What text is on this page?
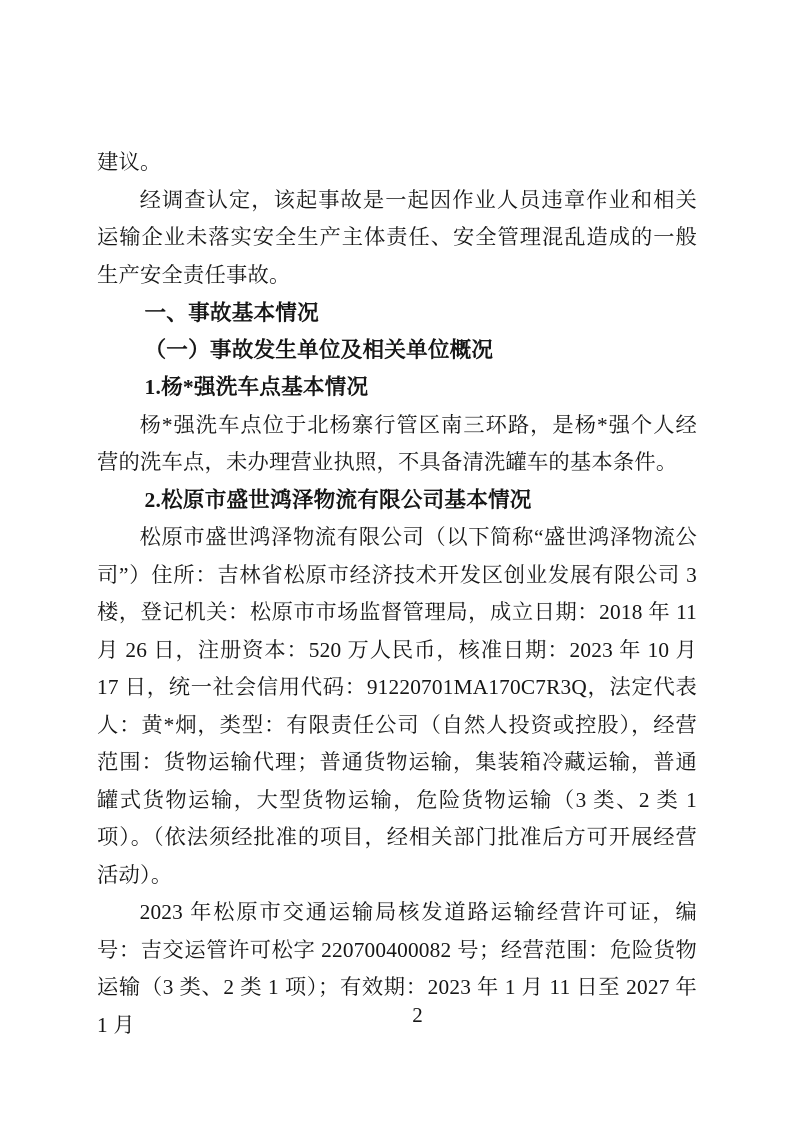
建议。

经调查认定，该起事故是一起因作业人员违章作业和相关运输企业未落实安全生产主体责任、安全管理混乱造成的一般生产安全责任事故。

一、事故基本情况

（一）事故发生单位及相关单位概况

1.杨*强洗车点基本情况

杨*强洗车点位于北杨寨行管区南三环路，是杨*强个人经营的洗车点，未办理营业执照，不具备清洗罐车的基本条件。

2.松原市盛世鸿泽物流有限公司基本情况

松原市盛世鸿泽物流有限公司（以下简称“盛世鸿泽物流公司”）住所：吉林省松原市经济技术开发区创业发展有限公司 3 楼，登记机关：松原市市场监督管理局，成立日期：2018 年 11 月 26 日，注册资本：520 万人民币，核准日期：2023 年 10 月 17 日，统一社会信用代码：91220701MA170C7R3Q，法定代表人：黄*炯，类型：有限责任公司（自然人投资或控股），经营范围：货物运输代理；普通货物运输，集装箱冷藏运输，普通罐式货物运输，大型货物运输，危险货物运输（3 类、2 类 1 项）。（依法须经批准的项目，经相关部门批准后方可开展经营活动）。

2023 年松原市交通运输局核发道路运输经营许可证，编号：吉交运管许可松字 220700400082 号；经营范围：危险货物运输（3 类、2 类 1 项）；有效期：2023 年 1 月 11 日至 2027 年 1 月	2
